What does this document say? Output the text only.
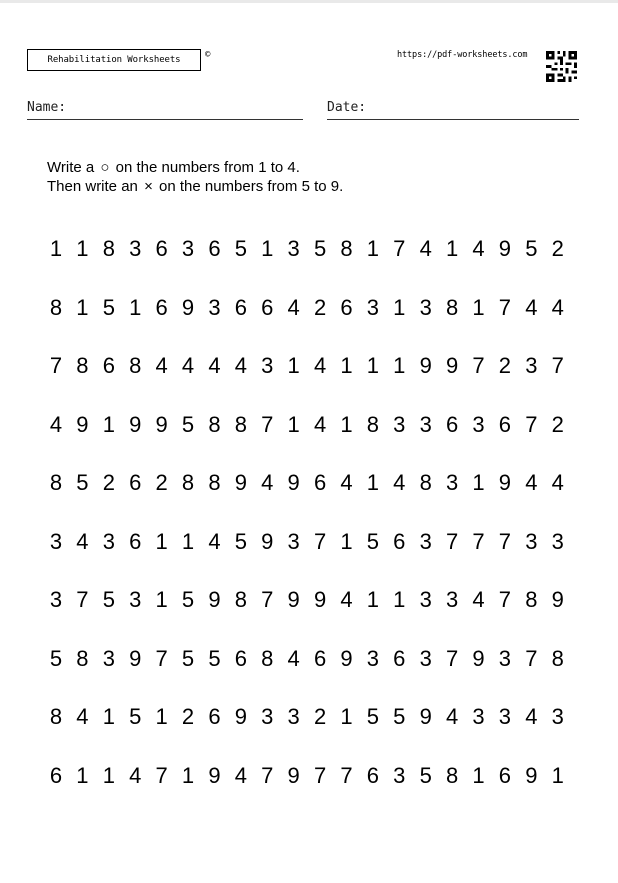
Rehabilitation Worksheets	©	https://pdf-worksheets.com
Name:	Date:
Write a ○ on the numbers from 1 to 4.
Then write an × on the numbers from 5 to 9.
1 1 8 3 6 3 6 5 1 3 5 8 1 7 4 1 4 9 5 2
8 1 5 1 6 9 3 6 6 4 2 6 3 1 3 8 1 7 4 4
7 8 6 8 4 4 4 4 3 1 4 1 1 1 9 9 7 2 3 7
4 9 1 9 9 5 8 8 7 1 4 1 8 3 3 6 3 6 7 2
8 5 2 6 2 8 8 9 4 9 6 4 1 4 8 3 1 9 4 4
3 4 3 6 1 1 4 5 9 3 7 1 5 6 3 7 7 7 3 3
3 7 5 3 1 5 9 8 7 9 9 4 1 1 3 3 4 7 8 9
5 8 3 9 7 5 5 6 8 4 6 9 3 6 3 7 9 3 7 8
8 4 1 5 1 2 6 9 3 3 2 1 5 5 9 4 3 3 4 3
6 1 1 4 7 1 9 4 7 9 7 7 6 3 5 8 1 6 9 1
